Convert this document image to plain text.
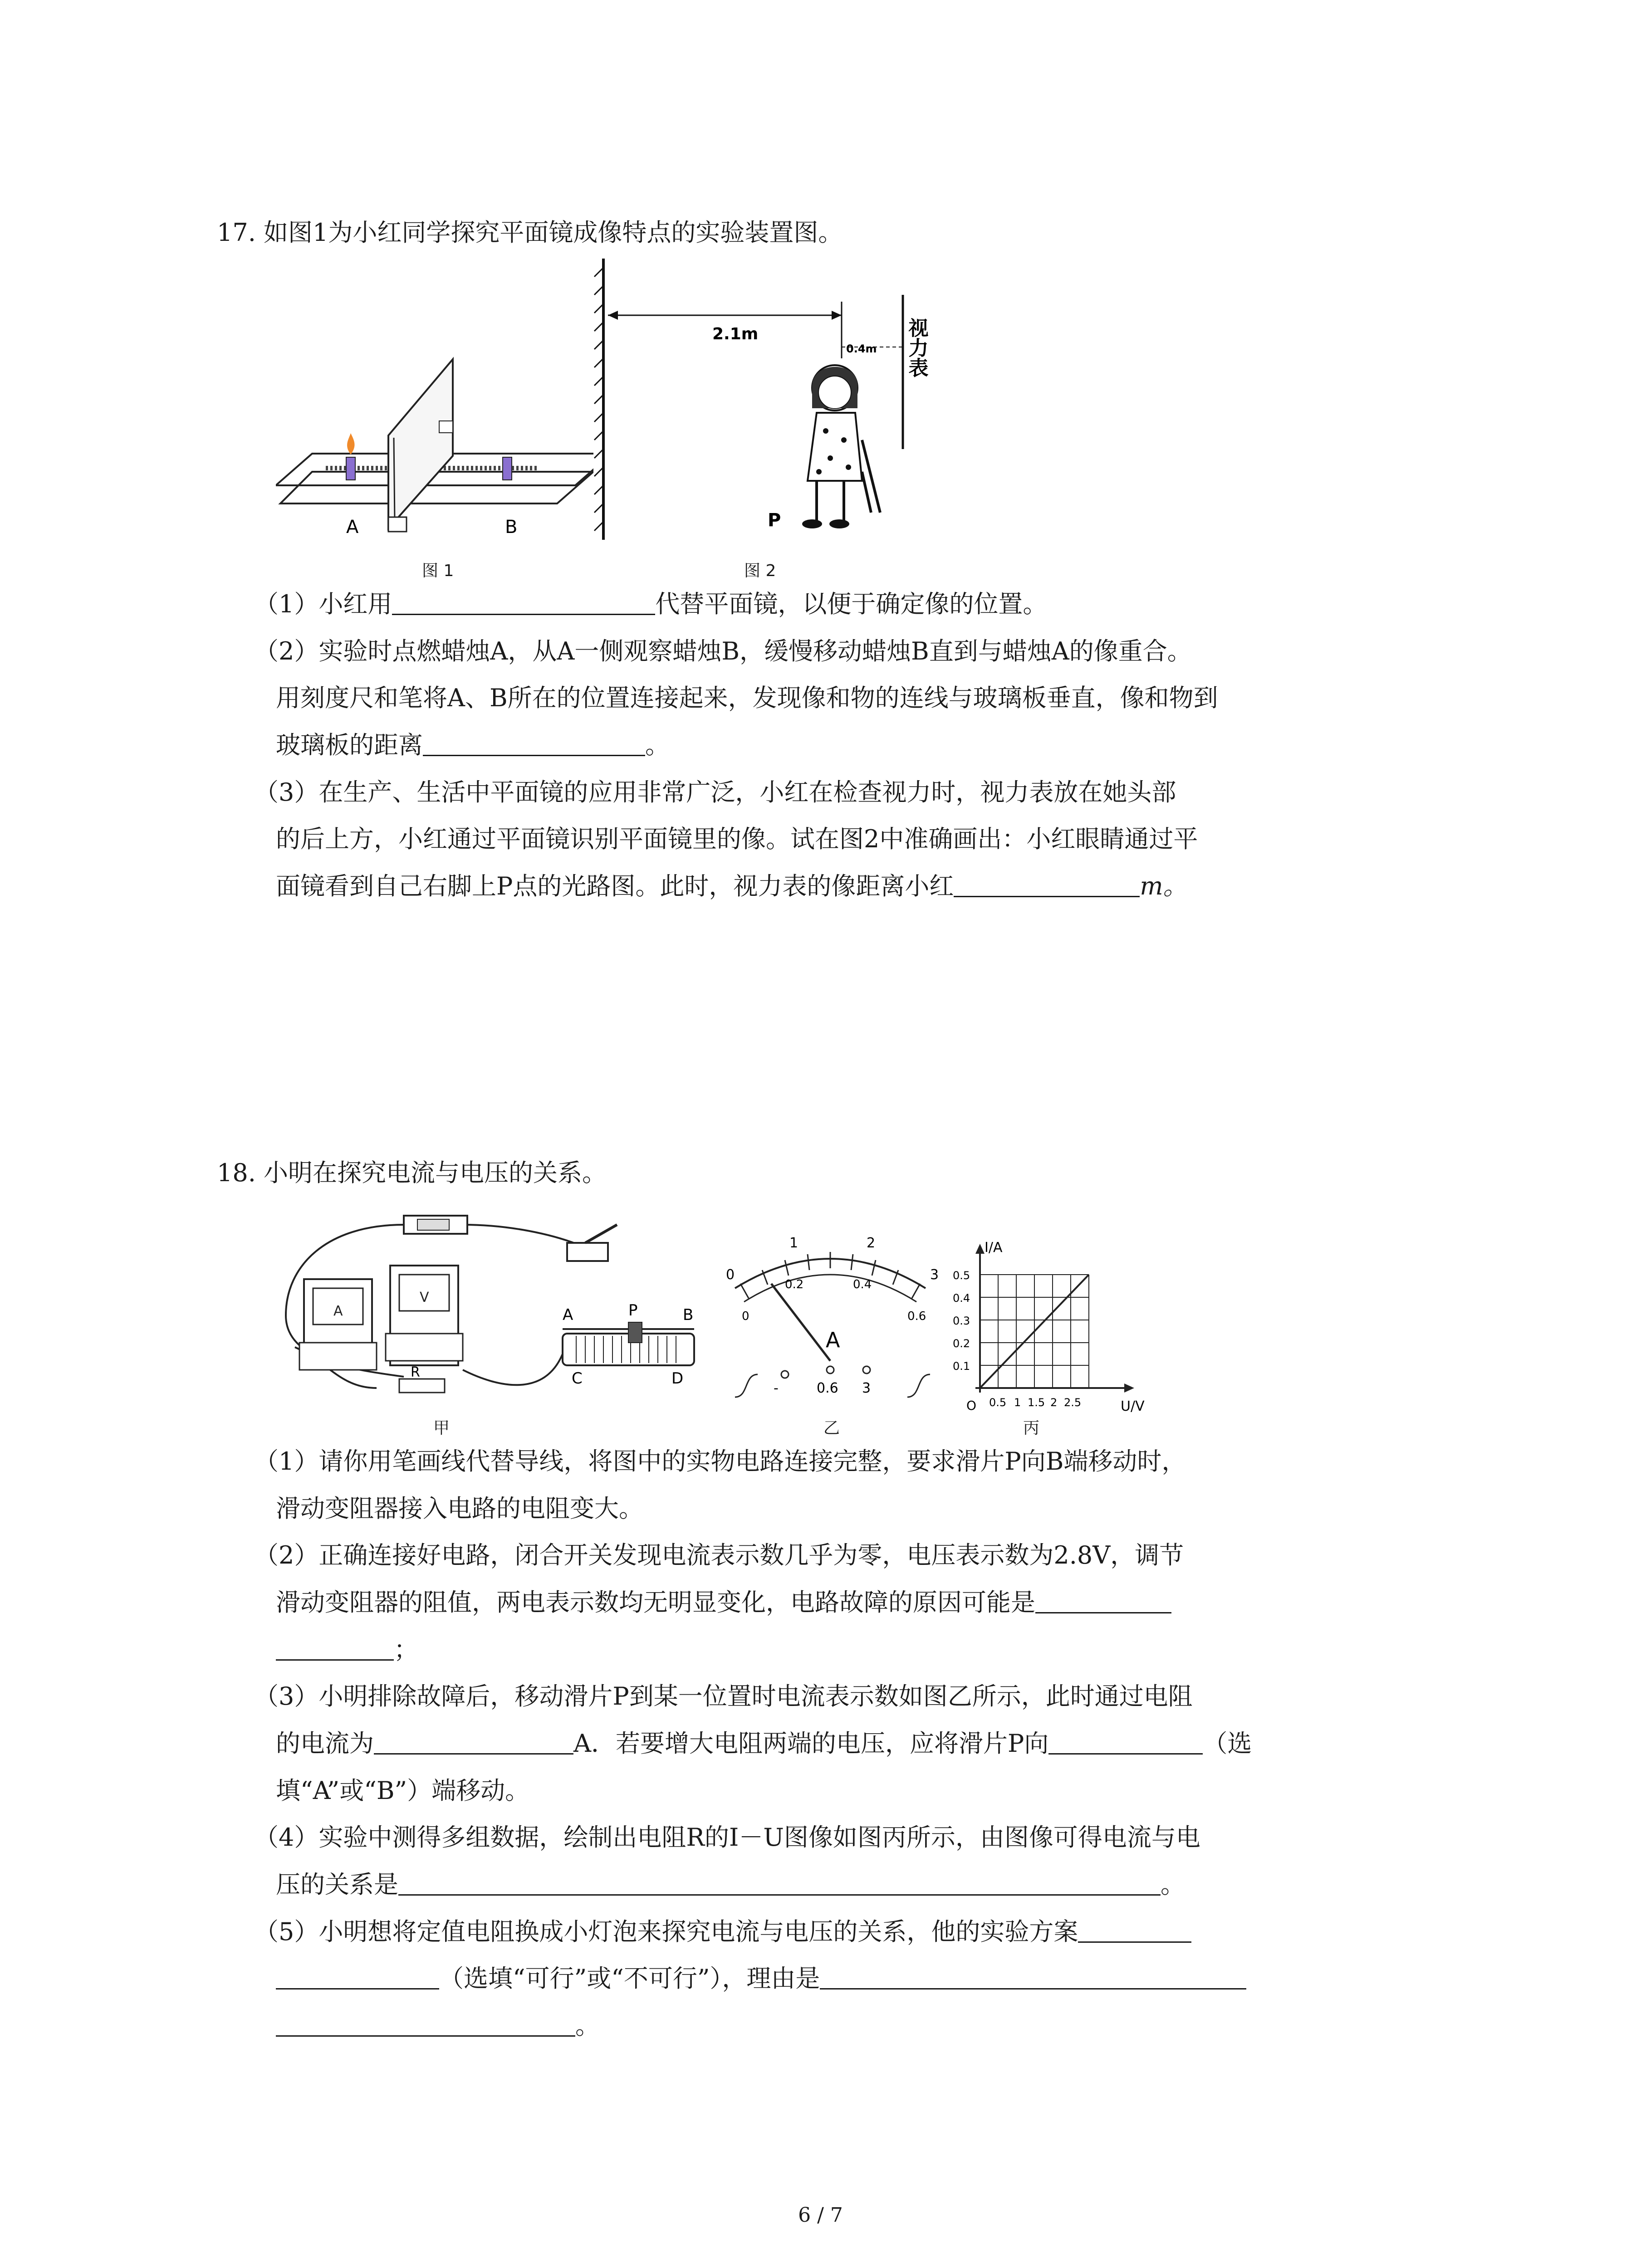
17. 如图1为小红同学探究平面镜成像特点的实验装置图。
A	B
图 1
2.1m
0.4m 视力表
P
图 2
（1）小红用	代替平面镜，以便于确定像的位置。
（2）实验时点燃蜡烛A，从A一侧观察蜡烛B，缓慢移动蜡烛B直到与蜡烛A的像重合。
用刻度尺和笔将A、B所在的位置连接起来，发现像和物的连线与玻璃板垂直，像和物到
玻璃板的距离	。
（3）在生产、生活中平面镜的应用非常广泛，小红在检查视力时，视力表放在她头部
的后上方，小红通过平面镜识别平面镜里的像。试在图2中准确画出：小红眼睛通过平
面镜看到自己右脚上P点的光路图。此时，视力表的像距离小红	m。
18. 小明在探究电流与电压的关系。
A
V
R
A	P	B
C	D
甲
0
1	2
3
0
0.2	0.4
0.6
A
-	0.6 3
乙
I/A
U/V
O
0.1
0.2
0.3
0.4
0.5
0.5 1 1.5 2 2.5
丙
（1）请你用笔画线代替导线，将图中的实物电路连接完整，要求滑片P向B端移动时，
滑动变阻器接入电路的电阻变大。
（2）正确连接好电路，闭合开关发现电流表示数几乎为零，电压表示数为2.8V，调节
滑动变阻器的阻值，两电表示数均无明显变化，电路故障的原因可能是
；
（3）小明排除故障后，移动滑片P到某一位置时电流表示数如图乙所示，此时通过电阻
的电流为	A．若要增大电阻两端的电压，应将滑片P向	（选
填“A”或“B”）端移动。
（4）实验中测得多组数据，绘制出电阻R的I－U图像如图丙所示，由图像可得电流与电
压的关系是	。
（5）小明想将定值电阻换成小灯泡来探究电流与电压的关系，他的实验方案
（选填“可行”或“不可行”），理由是
。
6 / 7
